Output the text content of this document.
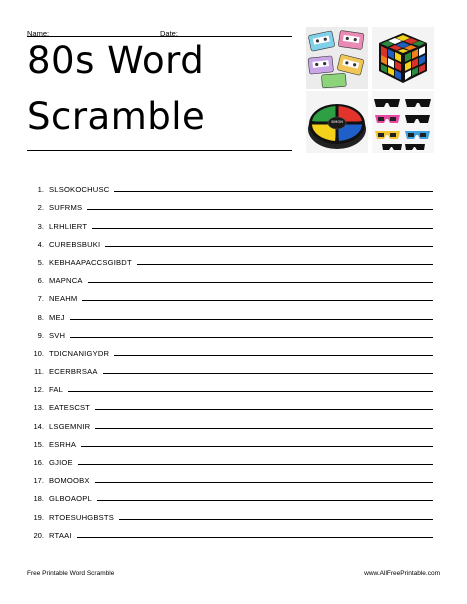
Name:	Date:
80s Word
Scramble	SIMON
1. SLSOKOCHUSC
2. SUFRMS
3. LRHLIERT
4. CUREBSBUKI
5. KEBHAAPACCSGIBDT
6. MAPNCA
7. NEAHM
8. MEJ
9. SVH
10. TDICNANIGYDR
11. ECERBRSAA
12. FAL
13. EATESCST
14. LSGEMNIR
15. ESRHA
16. GJIOE
17. BOMOOBX
18. GLBOAOPL
19. RTOESUHGBSTS
20. RTAAI
Free Printable Word Scramble	www.AllFreePrintable.com
